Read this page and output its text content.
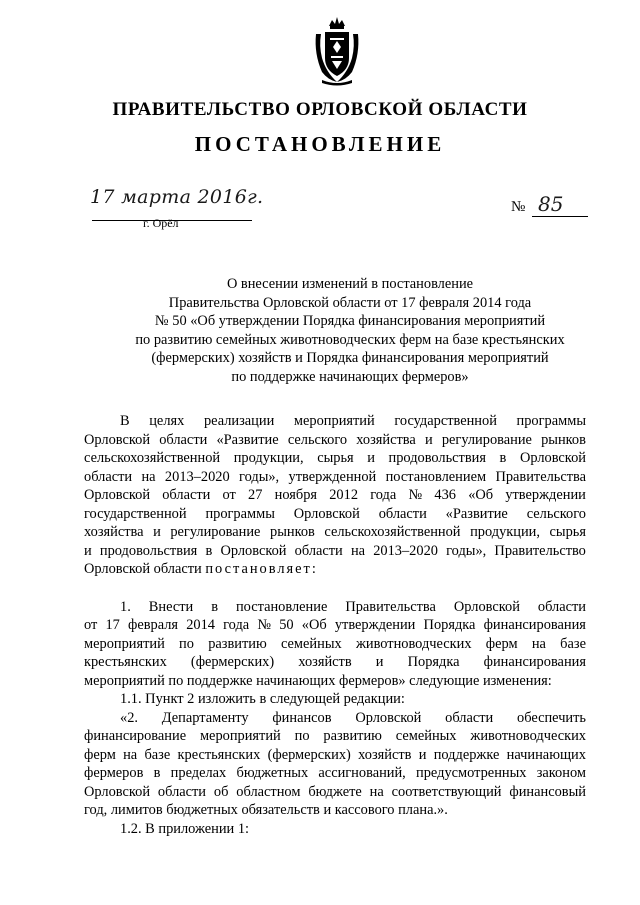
ПРАВИТЕЛЬСТВО ОРЛОВСКОЙ ОБЛАСТИ
ПОСТАНОВЛЕНИЕ
17 марта 2016г.
г. Орёл
№ 85
О внесении изменений в постановление
Правительства Орловской области от 17 февраля 2014 года
№ 50 «Об утверждении Порядка финансирования мероприятий
по развитию семейных животноводческих ферм на базе крестьянских
(фермерских) хозяйств и Порядка финансирования мероприятий
по поддержке начинающих фермеров»
В целях реализации мероприятий государственной программы
Орловской области «Развитие сельского хозяйства и регулирование рынков
сельскохозяйственной продукции, сырья и продовольствия в Орловской
области на 2013–2020 годы», утвержденной постановлением Правительства
Орловской области от 27 ноября 2012 года № 436 «Об утверждении
государственной программы Орловской области «Развитие сельского
хозяйства и регулирование рынков сельскохозяйственной продукции, сырья
и продовольствия в Орловской области на 2013–2020 годы», Правительство
Орловской области постановляет:
1. Внести в постановление Правительства Орловской области
от 17 февраля 2014 года № 50 «Об утверждении Порядка финансирования
мероприятий по развитию семейных животноводческих ферм на базе
крестьянских (фермерских) хозяйств и Порядка финансирования
мероприятий по поддержке начинающих фермеров» следующие изменения:
1.1. Пункт 2 изложить в следующей редакции:
«2. Департаменту финансов Орловской области обеспечить
финансирование мероприятий по развитию семейных животноводческих
ферм на базе крестьянских (фермерских) хозяйств и поддержке начинающих
фермеров в пределах бюджетных ассигнований, предусмотренных законом
Орловской области об областном бюджете на соответствующий финансовый
год, лимитов бюджетных обязательств и кассового плана.».
1.2. В приложении 1:
